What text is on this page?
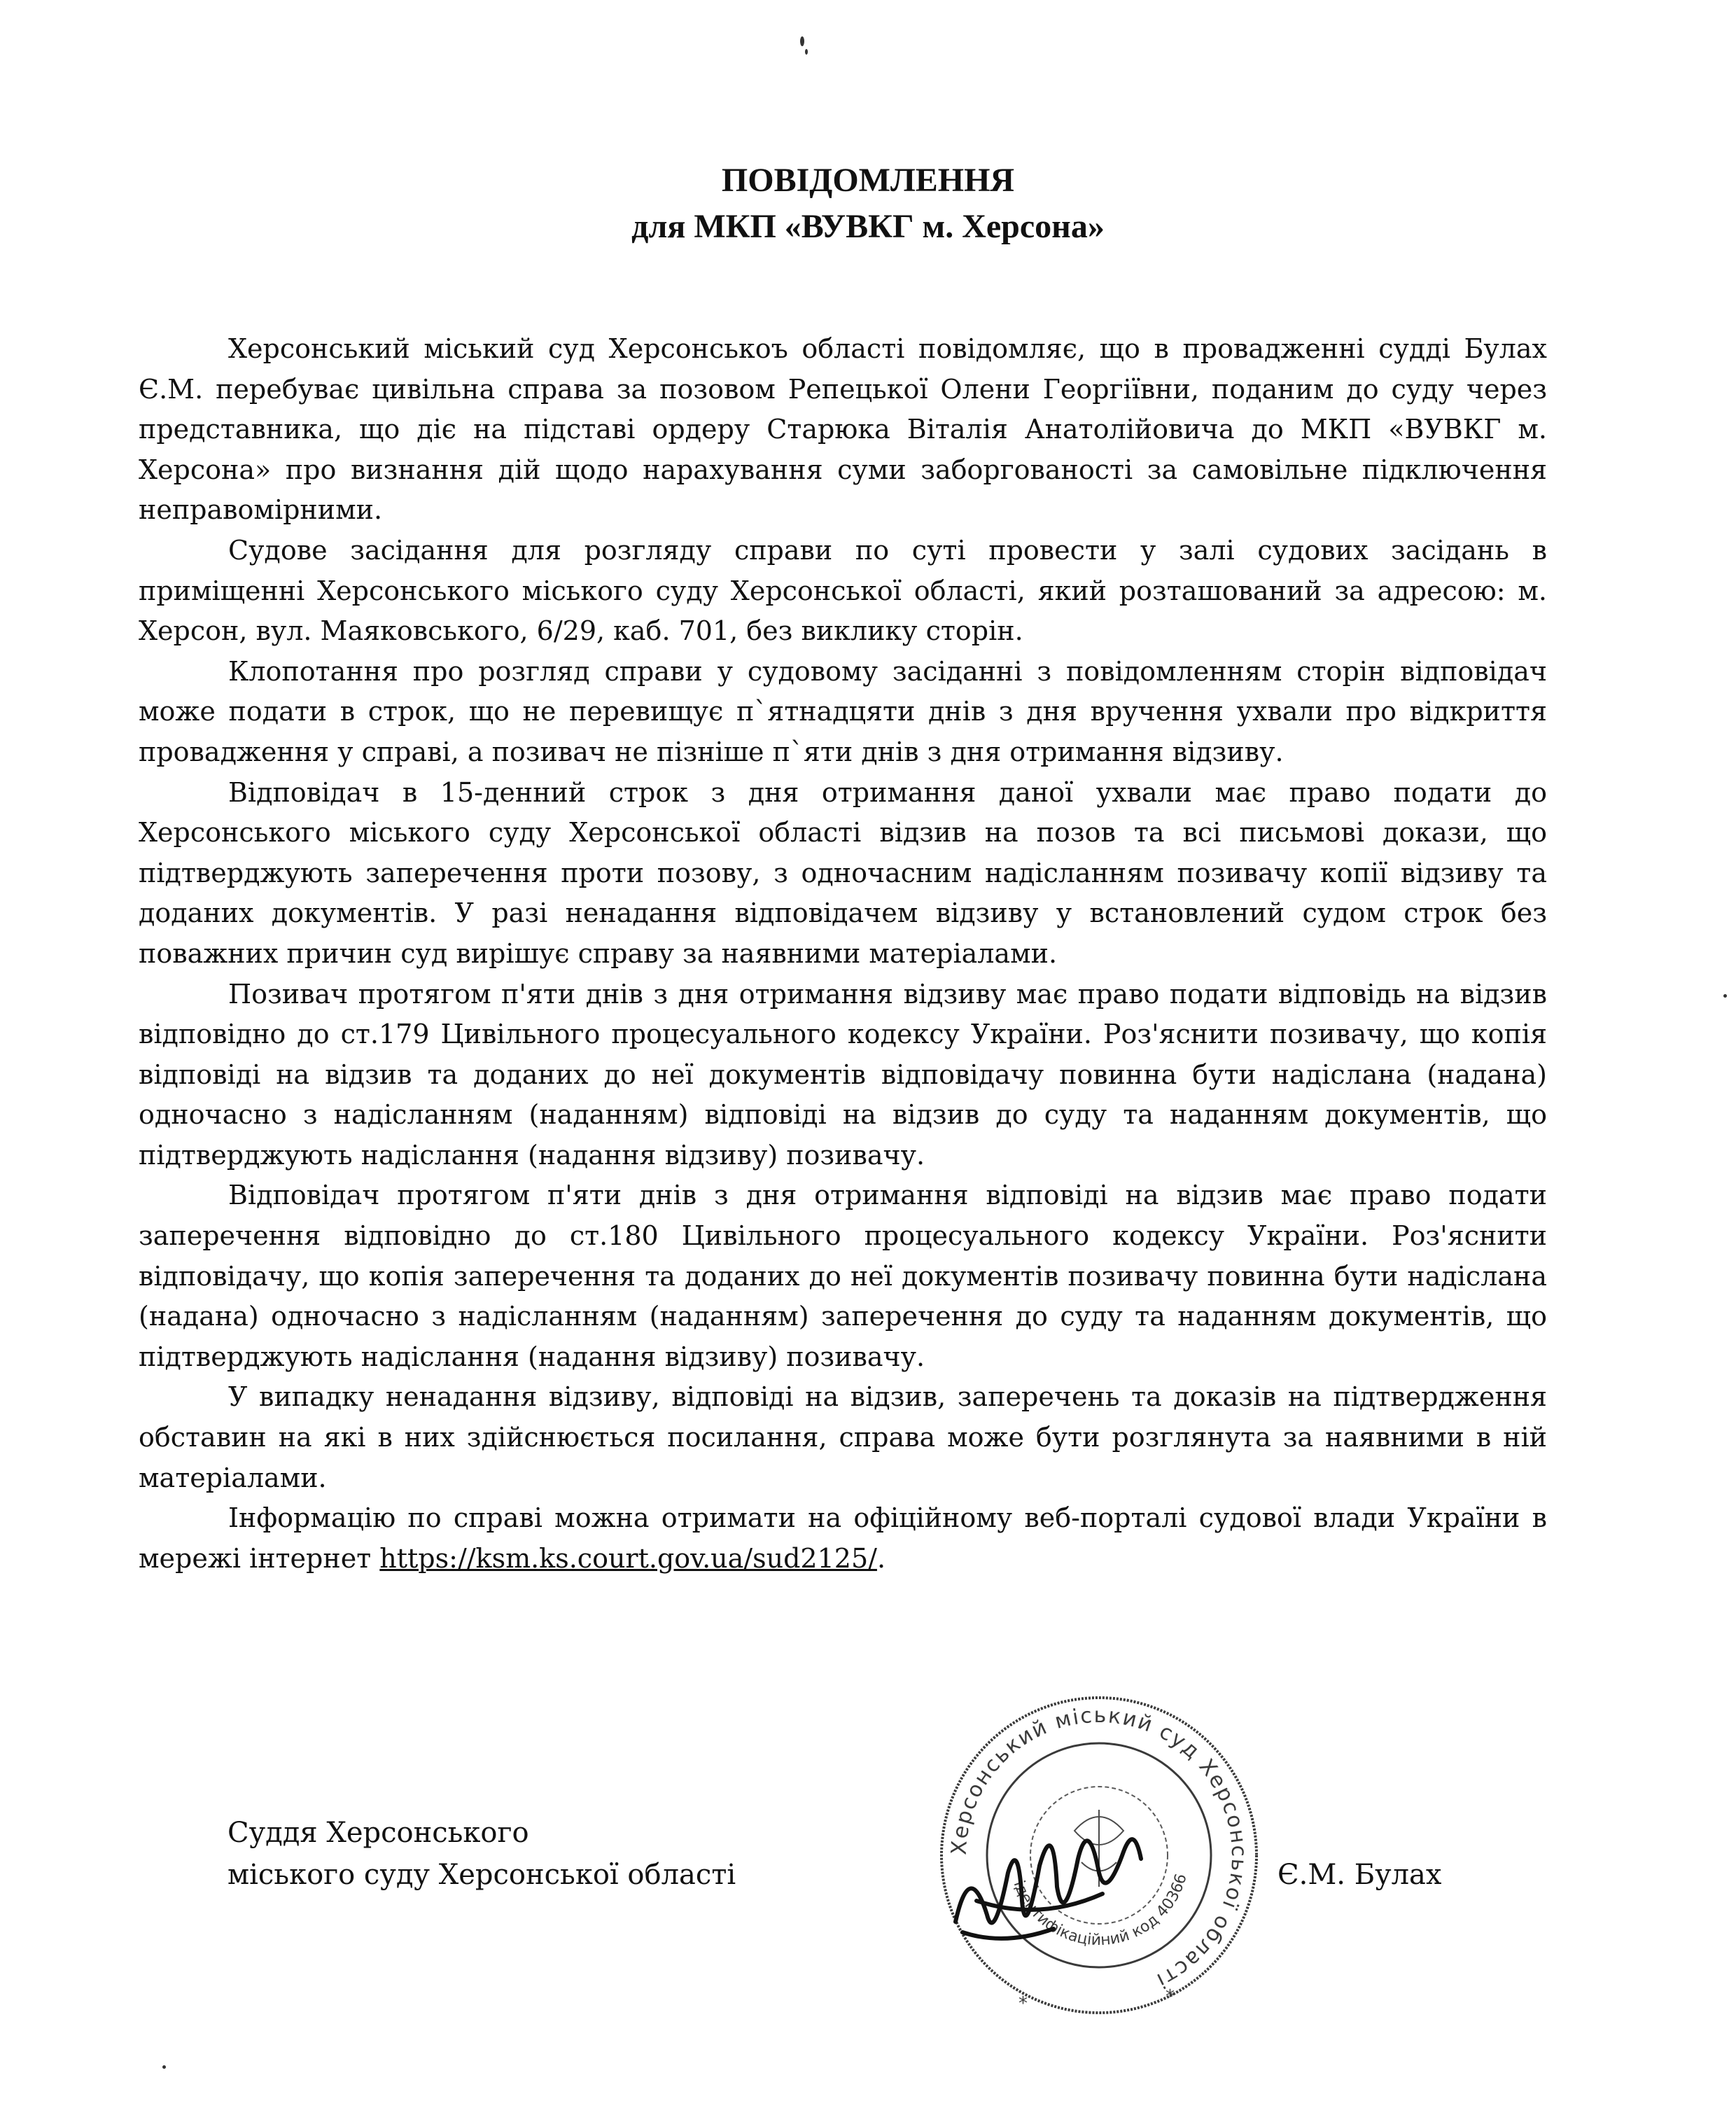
ПОВІДОМЛЕННЯ
для МКП «ВУВКГ м. Херсона»

Херсонський міський суд Херсонськоъ області повідомляє, що в провадженні судді Булах Є.М. перебуває цивільна справа за позовом Репецької Олени Георгіївни, поданим до суду через представника, що діє на підставі ордеру Старюка Віталія Анатолійовича до МКП «ВУВКГ м. Херсона» про визнання дій щодо нарахування суми заборгованості за самовільне підключення неправомірними.

Судове засідання для розгляду справи по суті провести у залі судових засідань в приміщенні Херсонського міського суду Херсонської області, який розташований за адресою: м. Херсон, вул. Маяковського, 6/29, каб. 701, без виклику сторін.

Клопотання про розгляд справи у судовому засіданні з повідомленням сторін відповідач може подати в строк, що не перевищує п`ятнадцяти днів з дня вручення ухвали про відкриття провадження у справі, а позивач не пізніше п`яти днів з дня отримання відзиву.

Відповідач в 15-денний строк з дня отримання даної ухвали має право подати до Херсонського міського суду Херсонської області відзив на позов та всі письмові докази, що підтверджують заперечення проти позову, з одночасним надісланням позивачу копії відзиву та доданих документів. У разі ненадання відповідачем відзиву у встановлений судом строк без поважних причин суд вирішує справу за наявними матеріалами.

Позивач протягом п'яти днів з дня отримання відзиву має право подати відповідь на відзив відповідно до ст.179 Цивільного процесуального кодексу України. Роз'яснити позивачу, що копія відповіді на відзив та доданих до неї документів відповідачу повинна бути надіслана (надана) одночасно з надісланням (наданням) відповіді на відзив до суду та наданням документів, що підтверджують надіслання (надання відзиву) позивачу.

Відповідач протягом п'яти днів з дня отримання відповіді на відзив має право подати заперечення відповідно до ст.180 Цивільного процесуального кодексу України. Роз'яснити відповідачу, що копія заперечення та доданих до неї документів позивачу повинна бути надіслана (надана) одночасно з надісланням (наданням) заперечення до суду та наданням документів, що підтверджують надіслання (надання відзиву) позивачу.

У випадку ненадання відзиву, відповіді на відзив, заперечень та доказів на підтвердження обставин на які в них здійснюється посилання, справа може бути розглянута за наявними в ній матеріалами.

Інформацію по справі можна отримати на офіційному веб-порталі судової влади України в мережі інтернет https://ksm.ks.court.gov.ua/sud2125/.

Суддя Херсонського
міського суду Херсонської області
Херсонський міський суд Херсонської області
ідентифікаційний код 40366
*	*
Є.М. Булах
